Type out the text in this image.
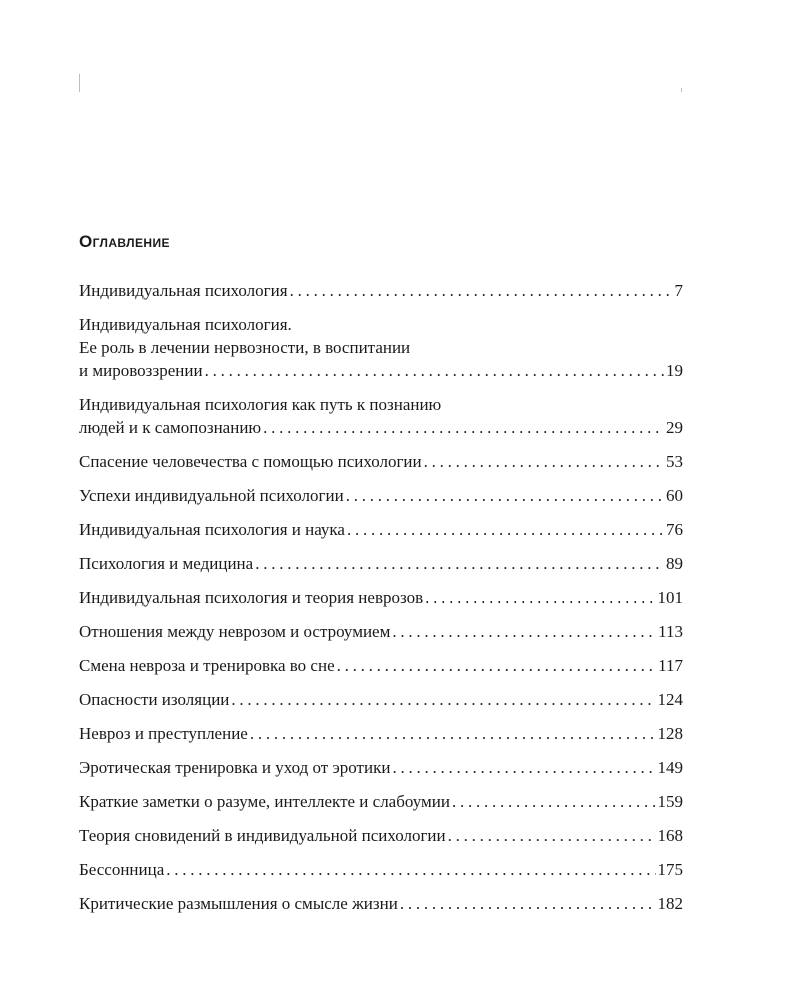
Оглавление
Индивидуальная психология . . .	7
Индивидуальная психология.
Ее роль в лечении нервозности, в воспитании
и мировоззрении . . .	19
Индивидуальная психология как путь к познанию
людей и к самопознанию . . .	29
Спасение человечества с помощью психологии . . .	53
Успехи индивидуальной психологии . . .	60
Индивидуальная психология и наука . . .	76
Психология и медицина . . .	89
Индивидуальная психология и теория неврозов . . .	101
Отношения между неврозом и остроумием . . .	113
Смена невроза и тренировка во сне . . .	117
Опасности изоляции . . .	124
Невроз и преступление . . .	128
Эротическая тренировка и уход от эротики . . .	149
Краткие заметки о разуме, интеллекте и слабоумии . . .	159
Теория сновидений в индивидуальной психологии . . .	168
Бессонница . . .	175
Критические размышления о смысле жизни . . .	182
